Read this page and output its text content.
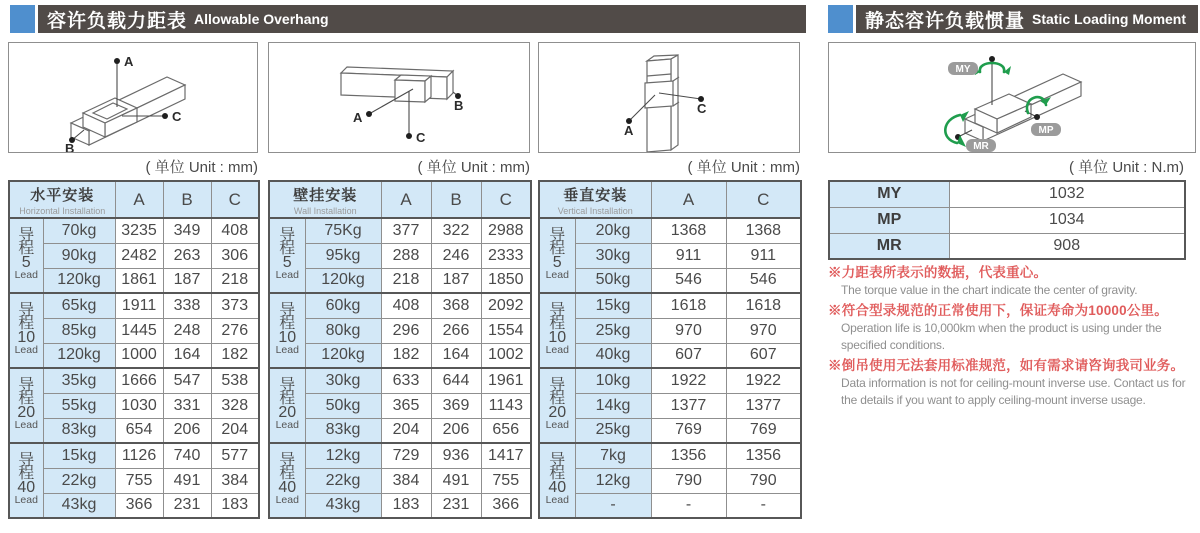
容许负载力距表 Allowable Overhang	静态容许负载惯量 Static Loading Moment
A
B
C	A
B
C	A
C
MY
MP
MR
( 单位 Unit : mm)	( 单位 Unit : mm)	( 单位 Unit : mm)	( 单位 Unit : N.m)
水平安装
Horizontal Installation		A	B	C

导
程
5
Lead	70kg	3235	349	408
	90kg	2482	263	306
	120kg	1861	187	218

导
程
10
Lead	65kg	1911	338	373
	85kg	1445	248	276
	120kg	1000	164	182

导
程
20
Lead	35kg	1666	547	538
	55kg	1030	331	328
	83kg	654	206	204

导
程
40
Lead	15kg	1126	740	577
	22kg	755	491	384
	43kg	366	231	183
壁挂安装
Wall Installation		A	B	C

导
程
5
Lead	75Kg	377	322	2988
	95kg	288	246	2333
	120kg	218	187	1850

导
程
10
Lead	60kg	408	368	2092
	80kg	296	266	1554
	120kg	182	164	1002

导
程
20
Lead	30kg	633	644	1961
	50kg	365	369	1143
	83kg	204	206	656

导
程
40
Lead	12kg	729	936	1417
	22kg	384	491	755
	43kg	183	231	366
垂直安装
Vertical Installation		A	C

导
程
5
Lead	20kg	1368	1368
	30kg	911	911
	50kg	546	546

导
程
10
Lead	15kg	1618	1618
	25kg	970	970
	40kg	607	607

导
程
20
Lead	10kg	1922	1922
	14kg	1377	1377
	25kg	769	769

导
程
40
Lead	7kg	1356	1356
	12kg	790	790
	-	-	-
MY	1032
MP	1034
MR	908
※力距表所表示的数据，代表重心。
The torque value in the chart indicate the center of gravity.
※符合型录规范的正常使用下，保证寿命为10000公里。
Operation life is 10,000km when the product is using under the specified conditions.
※倒吊使用无法套用标准规范，如有需求请咨询我司业务。
Data information is not for ceiling-mount inverse use. Contact us for the details if you want to apply ceiling-mount inverse usage.
